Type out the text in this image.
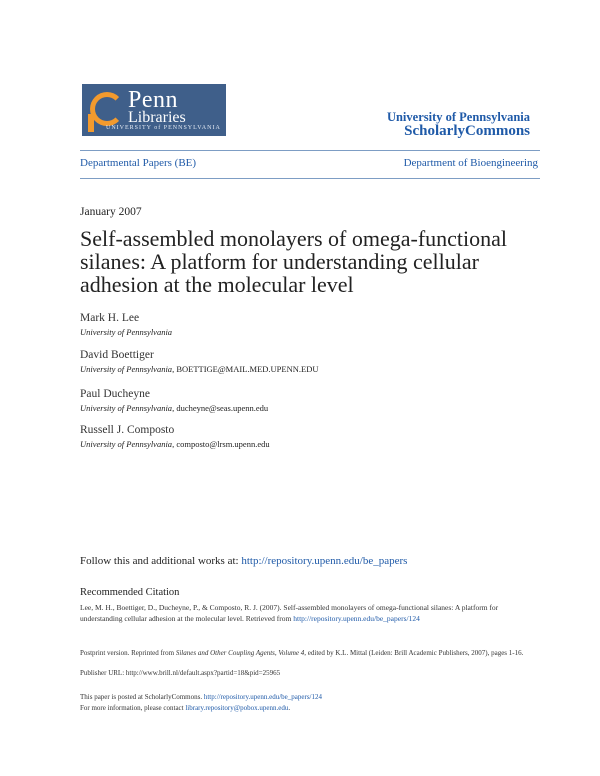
Penn
Libraries
UNIVERSITY of PENNSYLVANIA
University of Pennsylvania
ScholarlyCommons
Departmental Papers (BE)	Department of Bioengineering
January 2007
Self-assembled monolayers of omega-functional silanes: A platform for understanding cellular adhesion at the molecular level
Mark H. Lee
University of Pennsylvania
David Boettiger
University of Pennsylvania, BOETTIGE@MAIL.MED.UPENN.EDU
Paul Ducheyne
University of Pennsylvania, ducheyne@seas.upenn.edu
Russell J. Composto
University of Pennsylvania, composto@lrsm.upenn.edu
Follow this and additional works at: http://repository.upenn.edu/be_papers
Recommended Citation
Lee, M. H., Boettiger, D., Ducheyne, P., & Composto, R. J. (2007). Self-assembled monolayers of omega-functional silanes: A platform for understanding cellular adhesion at the molecular level. Retrieved from http://repository.upenn.edu/be_papers/124
Postprint version. Reprinted from Silanes and Other Coupling Agents, Volume 4, edited by K.L. Mittal (Leiden: Brill Academic Publishers, 2007), pages 1-16.
Publisher URL: http://www.brill.nl/default.aspx?partid=18&pid=25965
This paper is posted at ScholarlyCommons. http://repository.upenn.edu/be_papers/124
For more information, please contact library.repository@pobox.upenn.edu.
